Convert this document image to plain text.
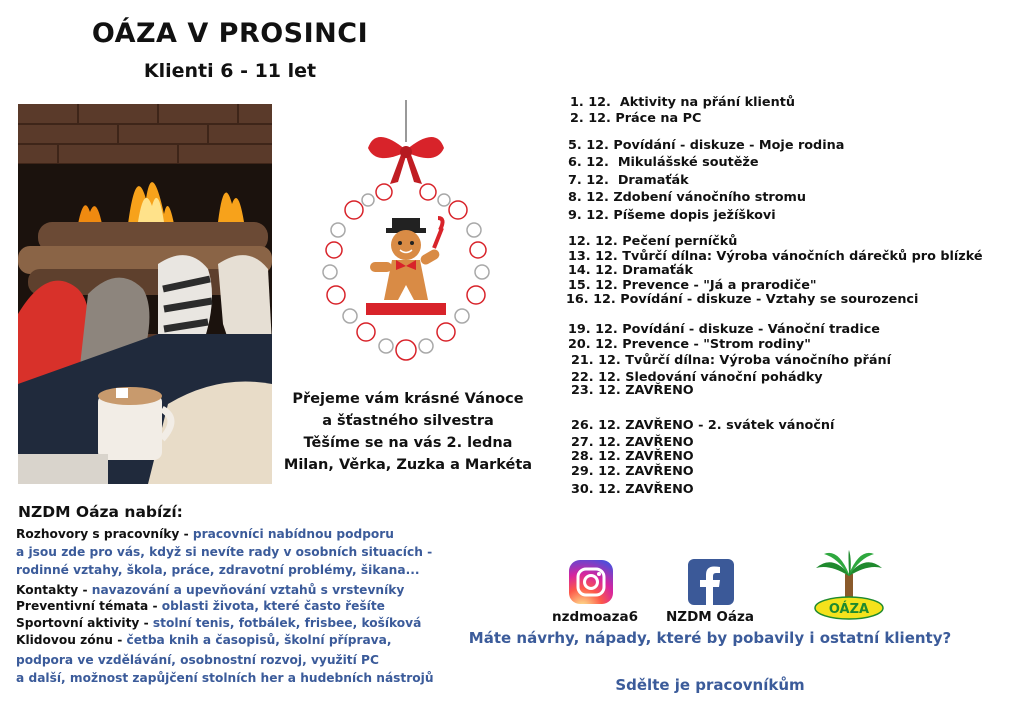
OÁZA V PROSINCI
Klienti 6 - 11 let
Přejeme vám krásné Vánoce
a šťastného silvestra
Těšíme se na vás 2. ledna
Milan, Věrka, Zuzka a Markéta
1. 12. Aktivity na přání klientů
2. 12. Práce na PC
5. 12. Povídání - diskuze - Moje rodina
6. 12. Mikulášské soutěže
7. 12. Dramaťák
8. 12. Zdobení vánočního stromu
9. 12. Píšeme dopis ježíškovi
12. 12. Pečení perníčků
13. 12. Tvůrčí dílna: Výroba vánočních dárečků pro blízké
14. 12. Dramaťák
15. 12. Prevence - "Já a prarodiče"
16. 12. Povídání - diskuze - Vztahy se sourozenci
19. 12. Povídání - diskuze - Vánoční tradice
20. 12. Prevence - "Strom rodiny"
21. 12. Tvůrčí dílna: Výroba vánočního přání
22. 12. Sledování vánoční pohádky
23. 12. ZAVŘENO
26. 12. ZAVŘENO - 2. svátek vánoční
27. 12. ZAVŘENO
28. 12. ZAVŘENO
29. 12. ZAVŘENO
30. 12. ZAVŘENO
NZDM Oáza nabízí:
Rozhovory s pracovníky - pracovníci nabídnou podporu
a jsou zde pro vás, když si nevíte rady v osobních situacích -
rodinné vztahy, škola, práce, zdravotní problémy, šikana...
Kontakty - navazování a upevňování vztahů s vrstevníky
Preventivní témata - oblasti života, které často řešíte
Sportovní aktivity - stolní tenis, fotbálek, frisbee, košíková
Klidovou zónu - četba knih a časopisů, školní příprava,
podpora ve vzdělávání, osobnostní rozvoj, využití PC
a další, možnost zapůjčení stolních her a hudebních nástrojů
nzdmoaza6	NZDM Oáza	OÁZA
Máte návrhy, nápady, které by pobavily i ostatní klienty?
Sdělte je pracovníkům
